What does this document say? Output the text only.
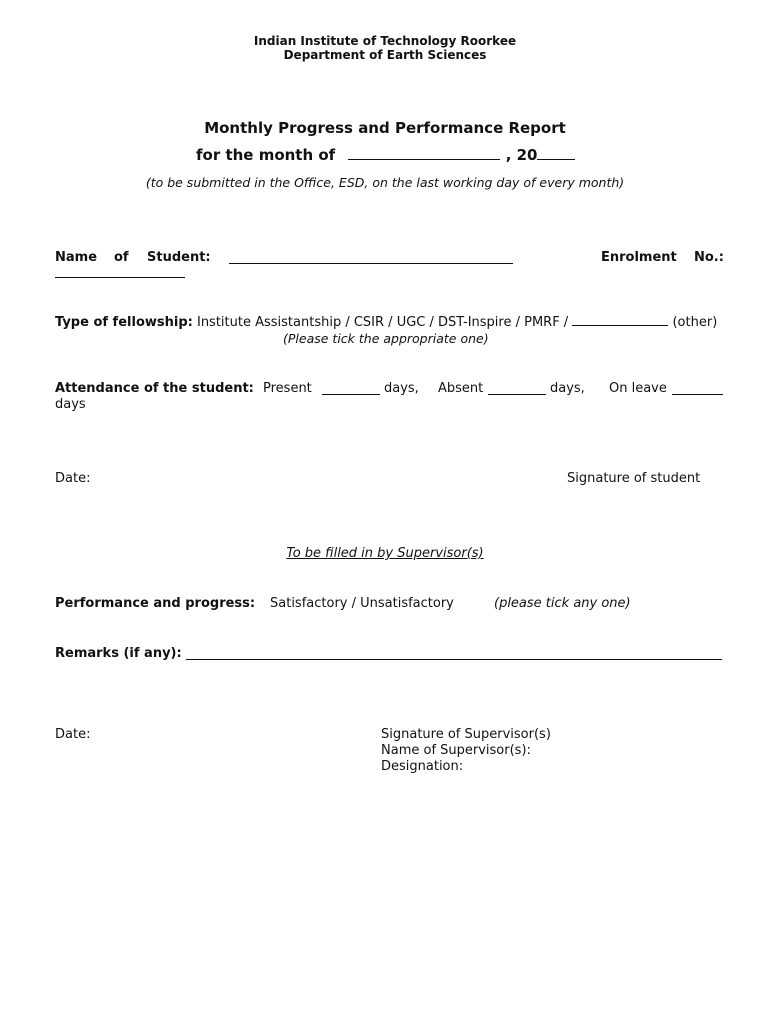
Indian Institute of Technology Roorkee
Department of Earth Sciences
Monthly Progress and Performance Report
for the month of	, 20
(to be submitted in the Office, ESD, on the last working day of every month)
Name of Student:	Enrolment No.:
Type of fellowship: Institute Assistantship / CSIR / UGC / DST-Inspire / PMRF /	(other)
(Please tick the appropriate one)
Attendance of the student: Present	days, Absent	days, On leave
days
Date:	Signature of student
To be filled in by Supervisor(s)
Performance and progress: Satisfactory / Unsatisfactory	(please tick any one)
Remarks (if any):
Date:	Signature of Supervisor(s)
Name of Supervisor(s):
Designation:
